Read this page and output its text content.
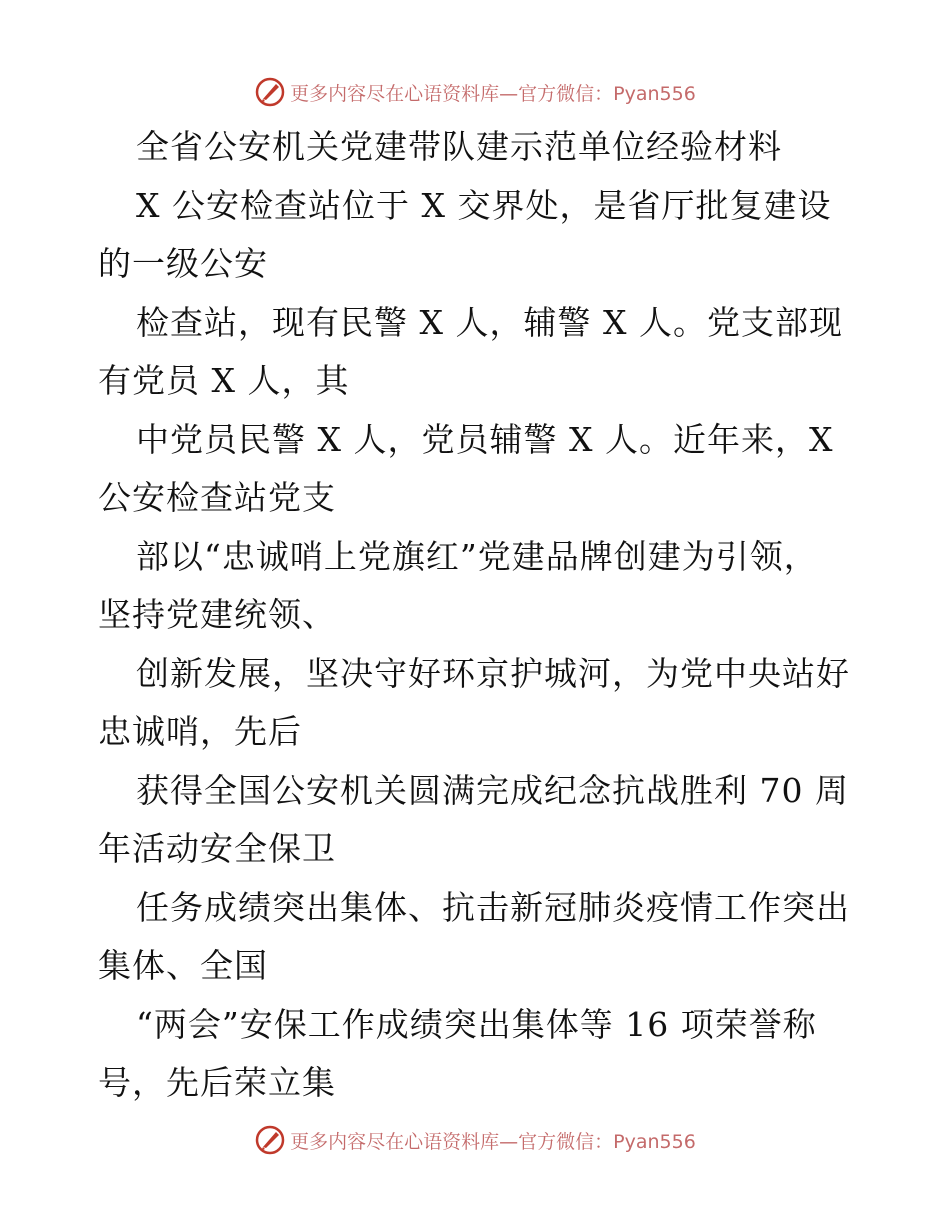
更多内容尽在心语资料库—官方微信：Pyan556
全省公安机关党建带队建示范单位经验材料
X 公安检查站位于 X 交界处，是省厅批复建设
的一级公安
检查站，现有民警 X 人，辅警 X 人。党支部现
有党员 X 人，其
中党员民警 X 人，党员辅警 X 人。近年来，X
公安检查站党支
部以“忠诚哨上党旗红”党建品牌创建为引领，
坚持党建统领、
创新发展，坚决守好环京护城河，为党中央站好
忠诚哨，先后
获得全国公安机关圆满完成纪念抗战胜利 70 周
年活动安全保卫
任务成绩突出集体、抗击新冠肺炎疫情工作突出
集体、全国
“两会”安保工作成绩突出集体等 16 项荣誉称
号，先后荣立集
更多内容尽在心语资料库—官方微信：Pyan556
